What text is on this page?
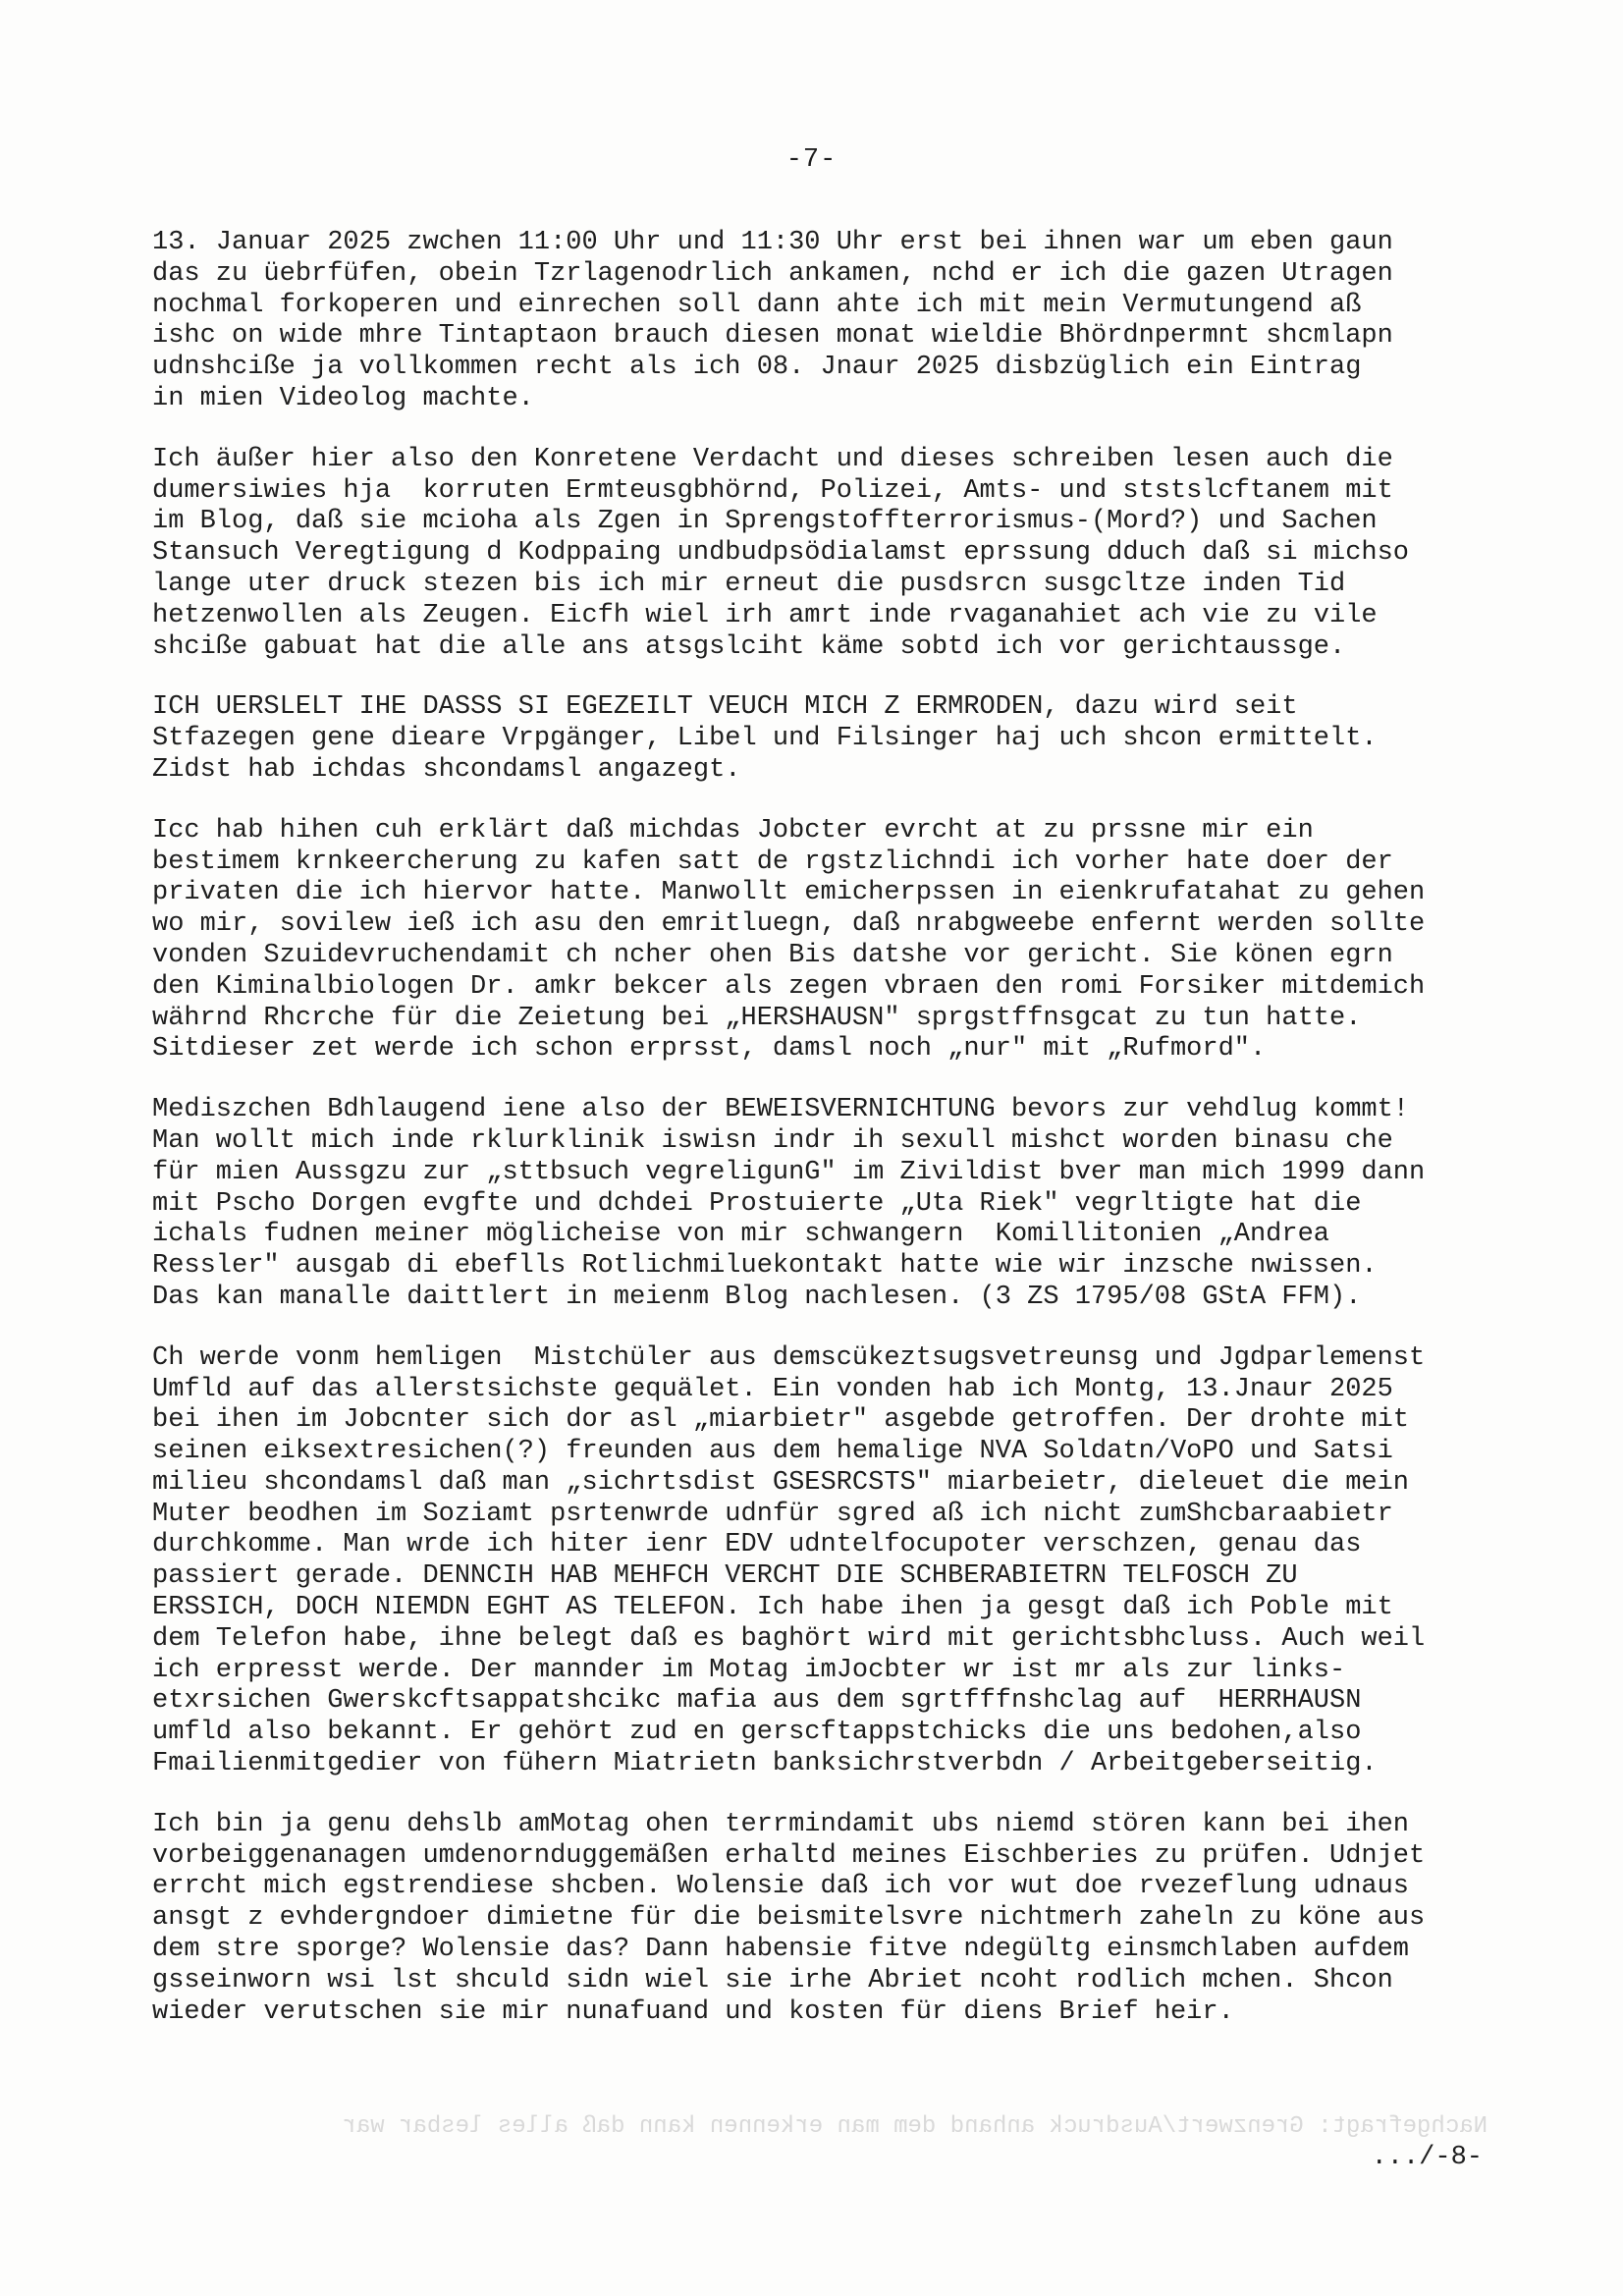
-7-
13. Januar 2025 zwchen 11:00 Uhr und 11:30 Uhr erst bei ihnen war um eben gaun
das zu üebrfüfen, obein Tzrlagenodrlich ankamen, nchd er ich die gazen Utragen
nochmal forkoperen und einrechen soll dann ahte ich mit mein Vermutungend aß
ishc on wide mhre Tintaptaon brauch diesen monat wieldie Bhördnpermnt shcmlapn
udnshciße ja vollkommen recht als ich 08. Jnaur 2025 disbzüglich ein Eintrag
in mien Videolog machte.
Ich äußer hier also den Konretene Verdacht und dieses schreiben lesen auch die
dumersiwies hja  korruten Ermteusgbhörnd, Polizei, Amts- und ststslcftanem mit
im Blog, daß sie mcioha als Zgen in Sprengstoffterrorismus-(Mord?) und Sachen
Stansuch Veregtigung d Kodppaing undbudpsödialamst eprssung dduch daß si michso
lange uter druck stezen bis ich mir erneut die pusdsrcn susgcltze inden Tid
hetzenwollen als Zeugen. Eicfh wiel irh amrt inde rvaganahiet ach vie zu vile
shciße gabuat hat die alle ans atsgslciht käme sobtd ich vor gerichtaussge.
ICH UERSLELT IHE DASSS SI EGEZEILT VEUCH MICH Z ERMRODEN, dazu wird seit
Stfazegen gene dieare Vrpgänger, Libel und Filsinger haj uch shcon ermittelt.
Zidst hab ichdas shcondamsl angazegt.
Icc hab hihen cuh erklärt daß michdas Jobcter evrcht at zu prssne mir ein
bestimem krnkeercherung zu kafen satt de rgstzlichndi ich vorher hate doer der
privaten die ich hiervor hatte. Manwollt emicherpssen in eienkrufatahat zu gehen
wo mir, sovilew ieß ich asu den emritluegn, daß nrabgweebe enfernt werden sollte
vonden Szuidevruchendamit ch ncher ohen Bis datshe vor gericht. Sie könen egrn
den Kiminalbiologen Dr. amkr bekcer als zegen vbraen den romi Forsiker mitdemich
währnd Rhcrche für die Zeietung bei „HERSHAUSN" sprgstffnsgcat zu tun hatte.
Sitdieser zet werde ich schon erprsst, damsl noch „nur" mit „Rufmord".
Mediszchen Bdhlaugend iene also der BEWEISVERNICHTUNG bevors zur vehdlug kommt!
Man wollt mich inde rklurklinik iswisn indr ih sexull mishct worden binasu che
für mien Aussgzu zur „sttbsuch vegreligunG" im Zivildist bver man mich 1999 dann
mit Pscho Dorgen evgfte und dchdei Prostuierte „Uta Riek" vegrltigte hat die
ichals fudnen meiner möglicheise von mir schwangern  Komillitonien „Andrea
Ressler" ausgab di ebeflls Rotlichmiluekontakt hatte wie wir inzsche nwissen.
Das kan manalle daittlert in meienm Blog nachlesen. (3 ZS 1795/08 GStA FFM).
Ch werde vonm hemligen  Mistchüler aus demscükeztsugsvetreunsg und Jgdparlemenst
Umfld auf das allerstsichste gequälet. Ein vonden hab ich Montg, 13.Jnaur 2025
bei ihen im Jobcnter sich dor asl „miarbietr" asgebde getroffen. Der drohte mit
seinen eiksextresichen(?) freunden aus dem hemalige NVA Soldatn/VoPO und Satsi
milieu shcondamsl daß man „sichrtsdist GSESRCSTS" miarbeietr, dieleuet die mein
Muter beodhen im Soziamt psrtenwrde udnfür sgred aß ich nicht zumShcbaraabietr
durchkomme. Man wrde ich hiter ienr EDV udntelfocupoter verschzen, genau das
passiert gerade. DENNCIH HAB MEHFCH VERCHT DIE SCHBERABIETRN TELFOSCH ZU
ERSSICH, DOCH NIEMDN EGHT AS TELEFON. Ich habe ihen ja gesgt daß ich Poble mit
dem Telefon habe, ihne belegt daß es baghört wird mit gerichtsbhcluss. Auch weil
ich erpresst werde. Der mannder im Motag imJocbter wr ist mr als zur links-
etxrsichen Gwerskcftsappatshcikc mafia aus dem sgrtfffnshclag auf  HERRHAUSN
umfld also bekannt. Er gehört zud en gerscftappstchicks die uns bedohen,also
Fmailienmitgedier von fühern Miatrietn banksichrstverbdn / Arbeitgeberseitig.
Ich bin ja genu dehslb amMotag ohen terrmindamit ubs niemd stören kann bei ihen
vorbeiggenanagen umdenornduggemäßen erhaltd meines Eischberies zu prüfen. Udnjet
errcht mich egstrendiese shcben. Wolensie daß ich vor wut doe rvezeflung udnaus
ansgt z evhdergndoer dimietne für die beismitelsvre nichtmerh zaheln zu köne aus
dem stre sporge? Wolensie das? Dann habensie fitve ndegültg einsmchlaben aufdem
gsseinworn wsi lst shculd sidn wiel sie irhe Abriet ncoht rodlich mchen. Shcon
wieder verutschen sie mir nunafuand und kosten für diens Brief heir.
Nachgefragt: Grenzwert/Ausdruck anhand dem man erkennen kann daß alles lesbar war
.../-8-
